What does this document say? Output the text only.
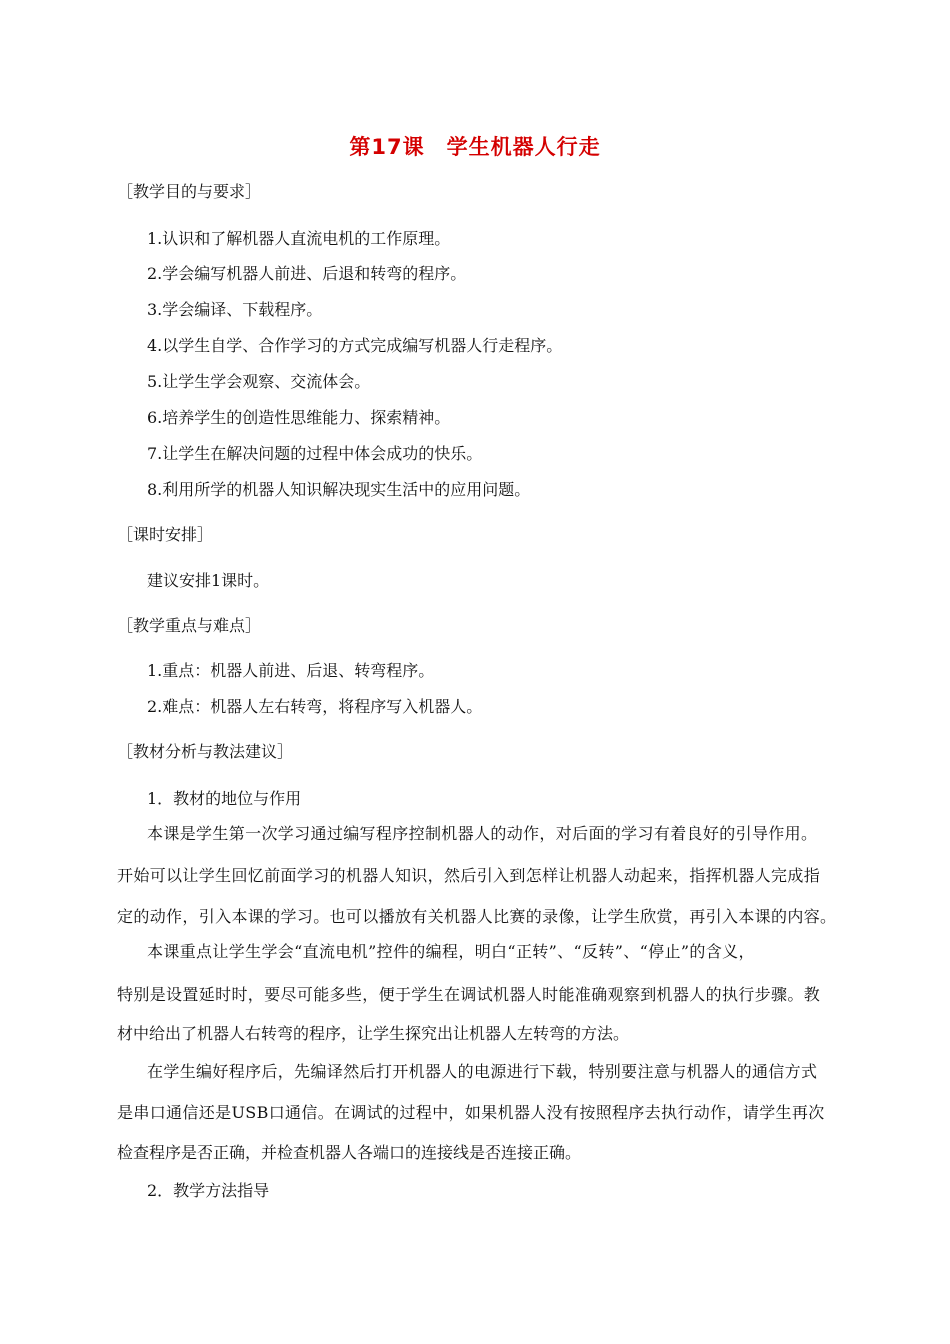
第17课　学生机器人行走
［教学目的与要求］
1.认识和了解机器人直流电机的工作原理。
2.学会编写机器人前进、后退和转弯的程序。
3.学会编译、下载程序。
4.以学生自学、合作学习的方式完成编写机器人行走程序。
5.让学生学会观察、交流体会。
6.培养学生的创造性思维能力、探索精神。
7.让学生在解决问题的过程中体会成功的快乐。
8.利用所学的机器人知识解决现实生活中的应用问题。
［课时安排］
建议安排1课时。
［教学重点与难点］
1.重点：机器人前进、后退、转弯程序。
2.难点：机器人左右转弯，将程序写入机器人。
［教材分析与教法建议］
1．教材的地位与作用
本课是学生第一次学习通过编写程序控制机器人的动作，对后面的学习有着良好的引导作用。
开始可以让学生回忆前面学习的机器人知识，然后引入到怎样让机器人动起来，指挥机器人完成指
定的动作，引入本课的学习。也可以播放有关机器人比赛的录像，让学生欣赏，再引入本课的内容。
本课重点让学生学会“直流电机”控件的编程，明白“正转”、“反转”、“停止”的含义，
特别是设置延时时，要尽可能多些，便于学生在调试机器人时能准确观察到机器人的执行步骤。教
材中给出了机器人右转弯的程序，让学生探究出让机器人左转弯的方法。
在学生编好程序后，先编译然后打开机器人的电源进行下载，特别要注意与机器人的通信方式
是串口通信还是USB口通信。在调试的过程中，如果机器人没有按照程序去执行动作，请学生再次
检查程序是否正确，并检查机器人各端口的连接线是否连接正确。
2．教学方法指导
